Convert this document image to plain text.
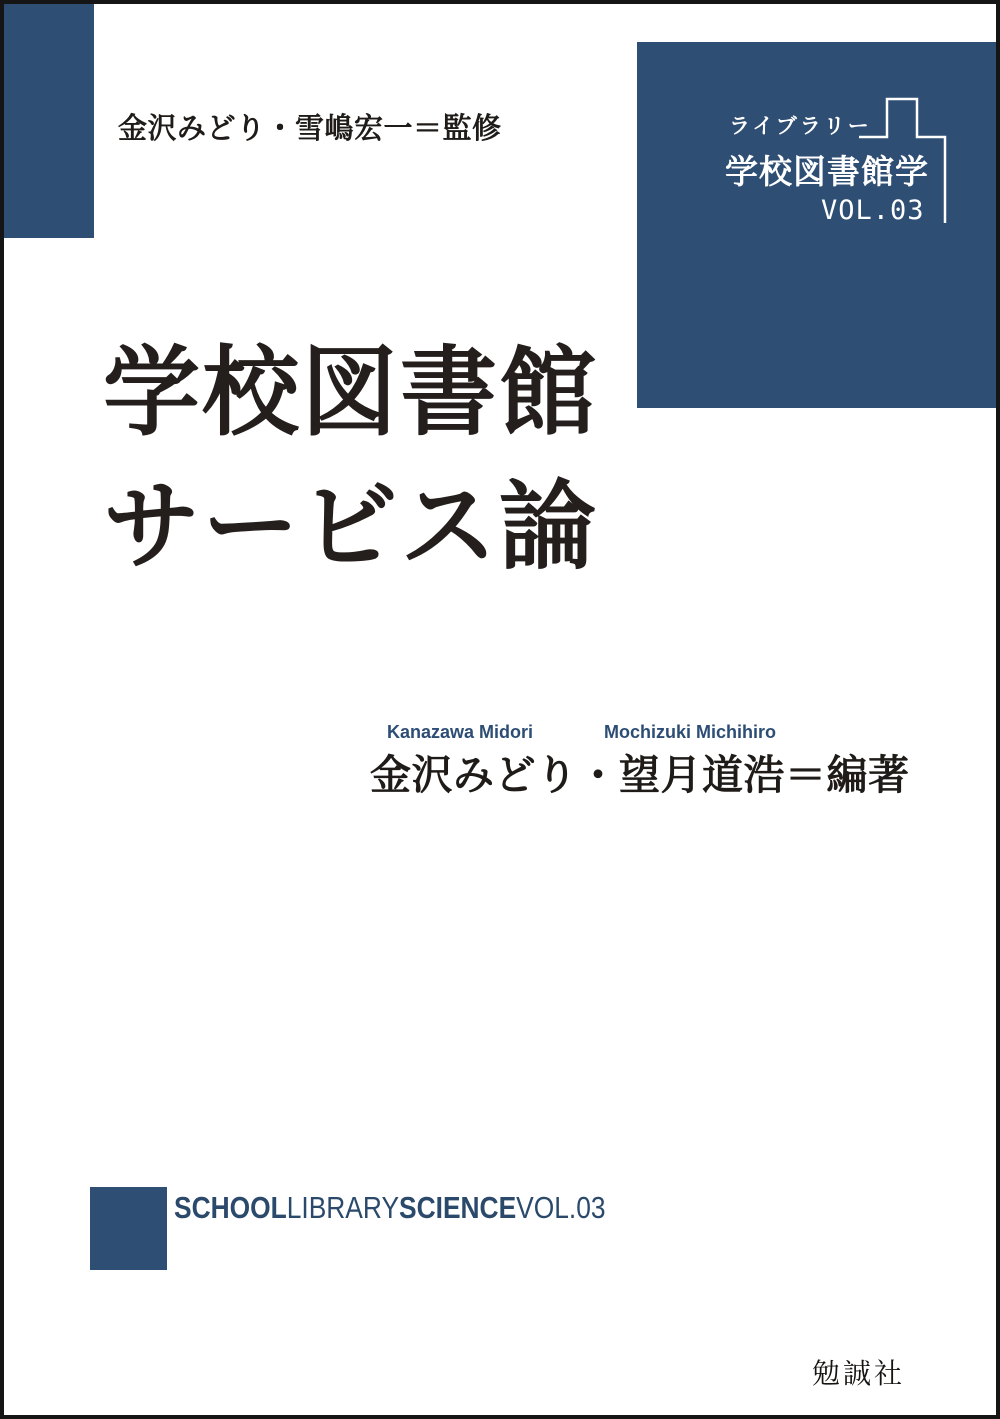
金沢みどり・雪嶋宏一＝監修	ライブラリー
学校図書館学
VOL.03
学校図書館
サービス論
Kanazawa Midori	Mochizuki Michihiro
金沢みどり・望月道浩＝編著
SCHOOLLIBRARYSCIENCEVOL.03
勉誠社
